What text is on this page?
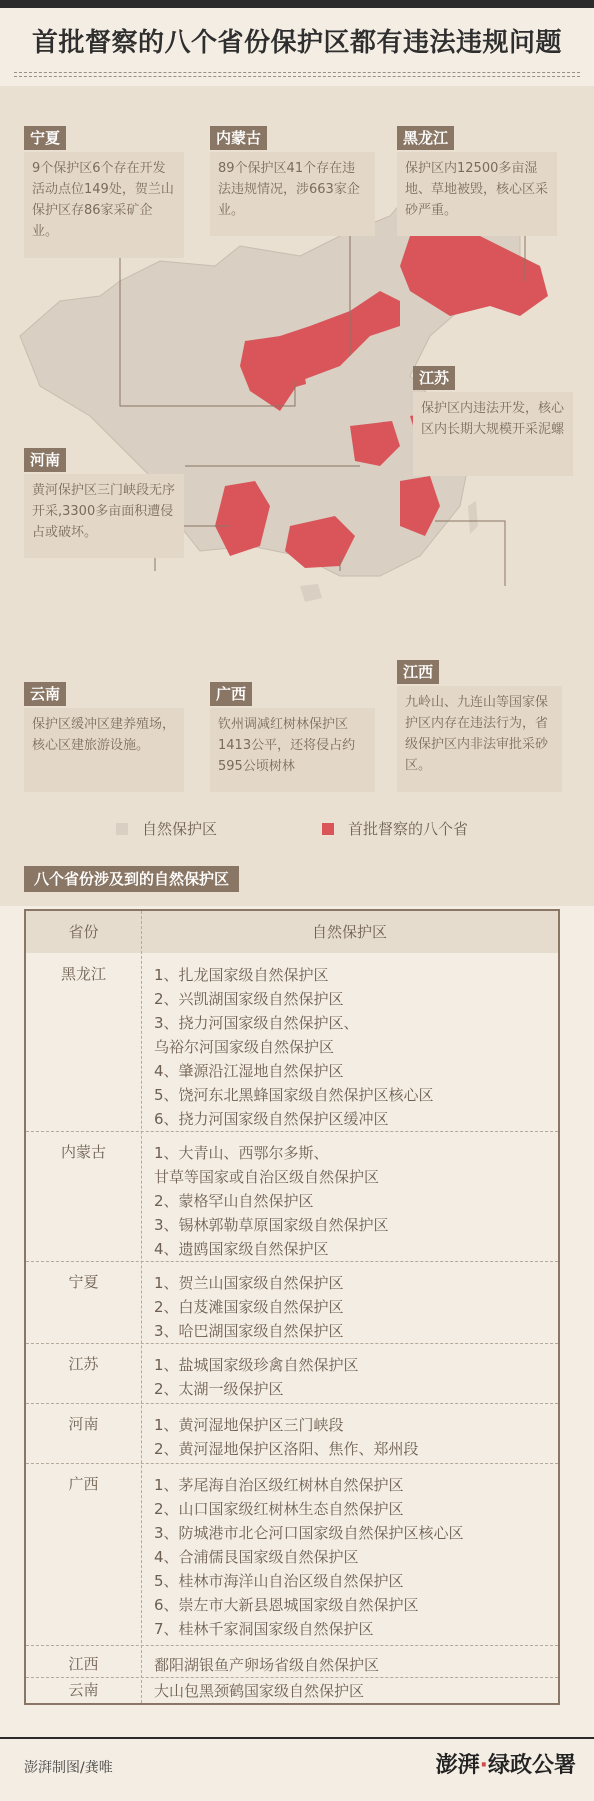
首批督察的八个省份保护区都有违法违规问题
宁夏
9个保护区6个存在开发活动点位149处，贺兰山保护区存86家采矿企业。
内蒙古
89个保护区41个存在违法违规情况，涉663家企业。
黑龙江
保护区内12500多亩湿地、草地被毁，核心区采砂严重。
江苏
保护区内违法开发，核心区内长期大规模开采泥螺
河南
黄河保护区三门峡段无序开采,3300多亩面积遭侵占或破坏。
云南
保护区缓冲区建养殖场，核心区建旅游设施。
广西
钦州调减红树林保护区1413公平，还将侵占约595公顷树林
江西
九岭山、九连山等国家保护区内存在违法行为，省级保护区内非法审批采砂区。
自然保护区	首批督察的八个省
八个省份涉及到的自然保护区
省份	自然保护区
黑龙江	1、扎龙国家级自然保护区
2、兴凯湖国家级自然保护区
3、挠力河国家级自然保护区、
乌裕尔河国家级自然保护区
4、肇源沿江湿地自然保护区
5、饶河东北黑蜂国家级自然保护区核心区
6、挠力河国家级自然保护区缓冲区
内蒙古	1、大青山、西鄂尔多斯、
甘草等国家或自治区级自然保护区
2、蒙格罕山自然保护区
3、锡林郭勒草原国家级自然保护区
4、遗鸥国家级自然保护区
宁夏	1、贺兰山国家级自然保护区
2、白芨滩国家级自然保护区
3、哈巴湖国家级自然保护区
江苏	1、盐城国家级珍禽自然保护区
2、太湖一级保护区
河南	1、黄河湿地保护区三门峡段
2、黄河湿地保护区洛阳、焦作、郑州段
广西	1、茅尾海自治区级红树林自然保护区
2、山口国家级红树林生态自然保护区
3、防城港市北仑河口国家级自然保护区核心区
4、合浦儒艮国家级自然保护区
5、桂林市海洋山自治区级自然保护区
6、崇左市大新县恩城国家级自然保护区
7、桂林千家洞国家级自然保护区
江西	鄱阳湖银鱼产卵场省级自然保护区
云南	大山包黑颈鹤国家级自然保护区
澎湃制图/龚唯	澎湃·绿政公署
